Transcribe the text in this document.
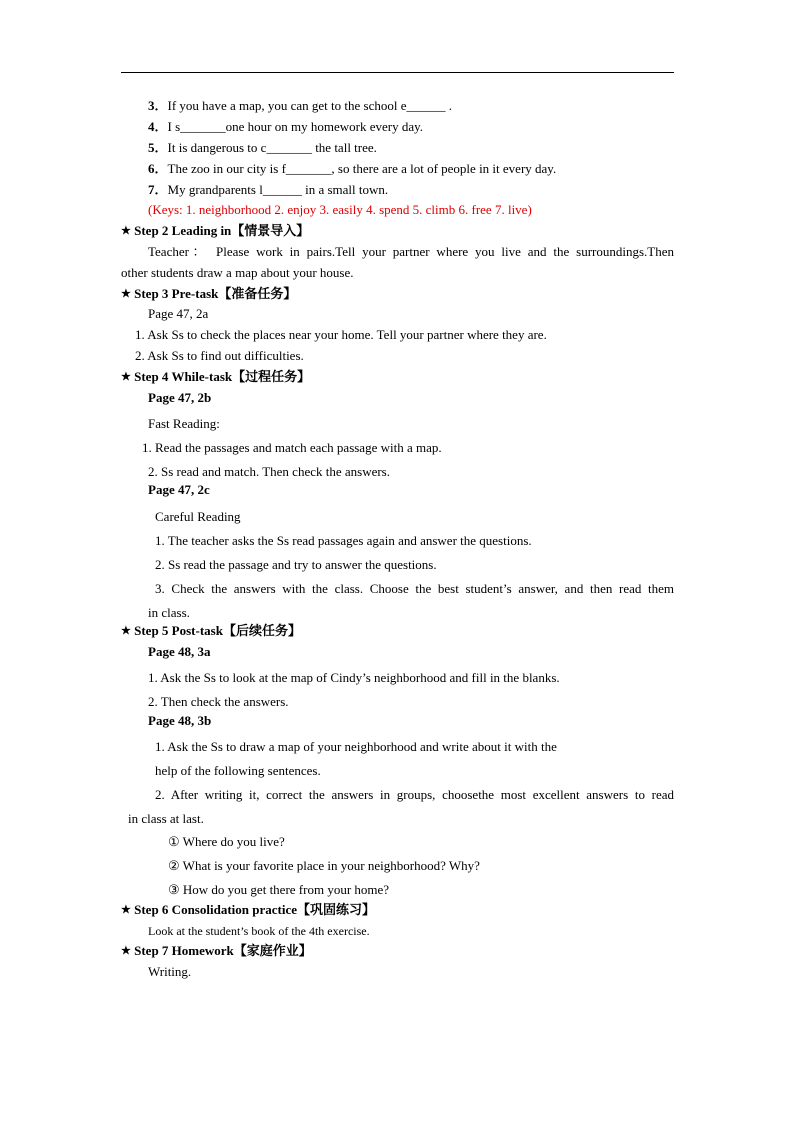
3．If you have a map, you can get to the school e______ .
4．I s_______one hour on my homework every day.
5．It is dangerous to c_______ the tall tree.
6．The zoo in our city is f_______, so there are a lot of people in it every day.
7．My grandparents l______ in a small town.
(Keys: 1. neighborhood 2. enjoy 3. easily 4. spend 5. climb 6. free 7. live)
★ Step 2 Leading in【情景导入】
Teacher： Please work in pairs.Tell your partner where you live and the surroundings.Then
other students draw a map about your house.
★ Step 3 Pre-task【准备任务】
Page 47, 2a
1. Ask Ss to check the places near your home. Tell your partner where they are.
2. Ask Ss to find out difficulties.
★ Step 4 While-task【过程任务】
Page 47, 2b
Fast Reading:
1. Read the passages and match each passage with a map.
2. Ss read and match. Then check the answers.
Page 47, 2c
Careful Reading
1. The teacher asks the Ss read passages again and answer the questions.
2. Ss read the passage and try to answer the questions.
3. Check the answers with the class. Choose the best student’s answer, and then read them
in class.
★ Step 5 Post-task【后续任务】
Page 48, 3a
1. Ask the Ss to look at the map of Cindy’s neighborhood and fill in the blanks.
2. Then check the answers.
Page 48, 3b
1. Ask the Ss to draw a map of your neighborhood and write about it with the
help of the following sentences.
2. After writing it, correct the answers in groups, choosethe most excellent answers to read
in class at last.
① Where do you live?
② What is your favorite place in your neighborhood? Why?
③ How do you get there from your home?
★ Step 6 Consolidation practice【巩固练习】
Look at the student’s book of the 4th exercise.
★ Step 7 Homework【家庭作业】
Writing.
